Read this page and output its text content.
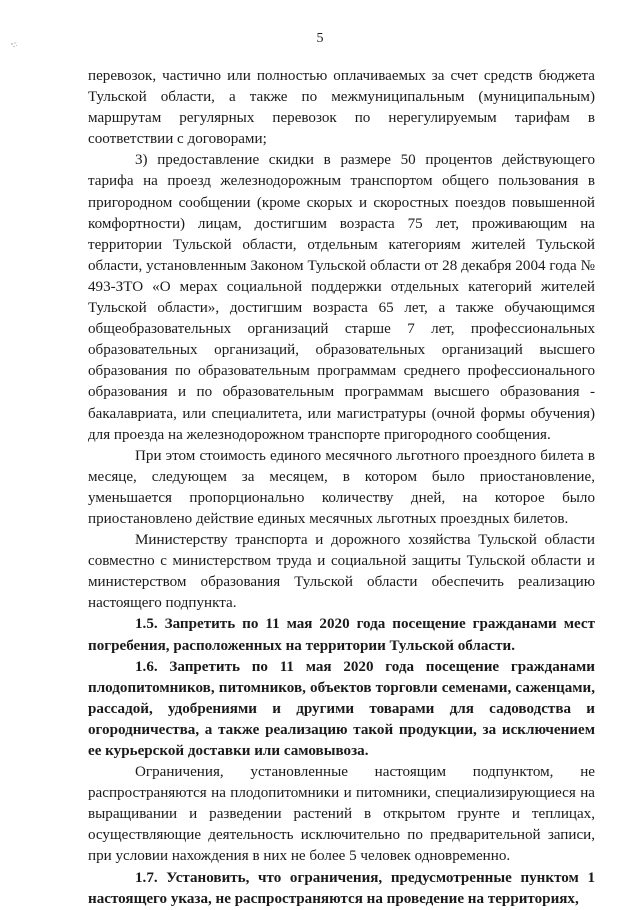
5

перевозок, частично или полностью оплачиваемых за счет средств бюджета Тульской области, а также по межмуниципальным (муниципальным) маршрутам регулярных перевозок по нерегулируемым тарифам в соответствии с договорами;

3) предоставление скидки в размере 50 процентов действующего тарифа на проезд железнодорожным транспортом общего пользования в пригородном сообщении (кроме скорых и скоростных поездов повышенной комфортности) лицам, достигшим возраста 75 лет, проживающим на территории Тульской области, отдельным категориям жителей Тульской области, установленным Законом Тульской области от 28 декабря 2004 года № 493-ЗТО «О мерах социальной поддержки отдельных категорий жителей Тульской области», достигшим возраста 65 лет, а также обучающимся общеобразовательных организаций старше 7 лет, профессиональных образовательных организаций, образовательных организаций высшего образования по образовательным программам среднего профессионального образования и по образовательным программам высшего образования - бакалавриата, или специалитета, или магистратуры (очной формы обучения) для проезда на железнодорожном транспорте пригородного сообщения.

При этом стоимость единого месячного льготного проездного билета в месяце, следующем за месяцем, в котором было приостановление, уменьшается пропорционально количеству дней, на которое было приостановлено действие единых месячных льготных проездных билетов.

Министерству транспорта и дорожного хозяйства Тульской области совместно с министерством труда и социальной защиты Тульской области и министерством образования Тульской области обеспечить реализацию настоящего подпункта.

1.5. Запретить по 11 мая 2020 года посещение гражданами мест погребения, расположенных на территории Тульской области.

1.6. Запретить по 11 мая 2020 года посещение гражданами плодопитомников, питомников, объектов торговли семенами, саженцами, рассадой, удобрениями и другими товарами для садоводства и огородничества, а также реализацию такой продукции, за исключением ее курьерской доставки или самовывоза.

Ограничения, установленные настоящим подпунктом, не распространяются на плодопитомники и питомники, специализирующиеся на выращивании и разведении растений в открытом грунте и теплицах, осуществляющие деятельность исключительно по предварительной записи, при условии нахождения в них не более 5 человек одновременно.

1.7. Установить, что ограничения, предусмотренные пунктом 1 настоящего указа, не распространяются на проведение на территориях,
